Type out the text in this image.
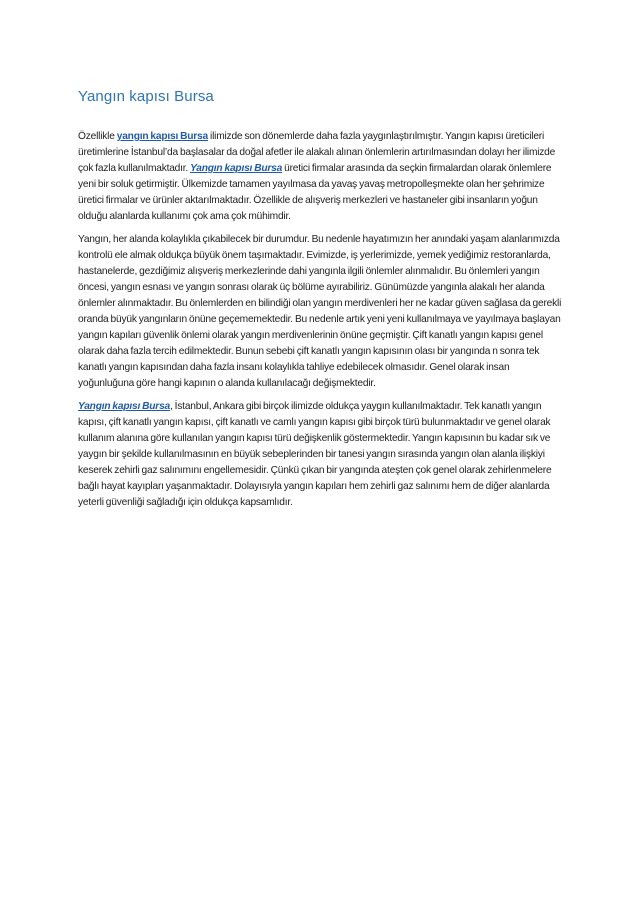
Yangın kapısı Bursa

Özellikle yangın kapısı Bursa ilimizde son dönemlerde daha fazla yaygınlaştırılmıştır. Yangın kapısı üreticileri üretimlerine İstanbul’da başlasalar da doğal afetler ile alakalı alınan önlemlerin artırılmasından dolayı her ilimizde çok fazla kullanılmaktadır. Yangın kapısı Bursa üretici firmalar arasında da seçkin firmalardan olarak önlemlere yeni bir soluk getirmiştir. Ülkemizde tamamen yayılmasa da yavaş yavaş metropolleşmekte olan her şehrimize üretici firmalar ve ürünler aktarılmaktadır. Özellikle de alışveriş merkezleri ve hastaneler gibi insanların yoğun olduğu alanlarda kullanımı çok ama çok mühimdir.

Yangın, her alanda kolaylıkla çıkabilecek bir durumdur. Bu nedenle hayatımızın her anındaki yaşam alanlarımızda kontrolü ele almak oldukça büyük önem taşımaktadır. Evimizde, iş yerlerimizde, yemek yediğimiz restoranlarda, hastanelerde, gezdiğimiz alışveriş merkezlerinde dahi yangınla ilgili önlemler alınmalıdır. Bu önlemleri yangın öncesi, yangın esnası ve yangın sonrası olarak üç bölüme ayırabiliriz. Günümüzde yangınla alakalı her alanda önlemler alınmaktadır. Bu önlemlerden en bilindiği olan yangın merdivenleri her ne kadar güven sağlasa da gerekli oranda büyük yangınların önüne geçememektedir. Bu nedenle artık yeni yeni kullanılmaya ve yayılmaya başlayan yangın kapıları güvenlik önlemi olarak yangın merdivenlerinin önüne geçmiştir. Çift kanatlı yangın kapısı genel olarak daha fazla tercih edilmektedir. Bunun sebebi çift kanatlı yangın kapısının olası bir yangında n sonra tek kanatlı yangın kapısından daha fazla insanı kolaylıkla tahliye edebilecek olmasıdır. Genel olarak insan yoğunluğuna göre hangi kapının o alanda kullanılacağı değişmektedir.

Yangın kapısı Bursa, İstanbul, Ankara gibi birçok ilimizde oldukça yaygın kullanılmaktadır. Tek kanatlı yangın kapısı, çift kanatlı yangın kapısı, çift kanatlı ve camlı yangın kapısı gibi birçok türü bulunmaktadır ve genel olarak kullanım alanına göre kullanılan yangın kapısı türü değişkenlik göstermektedir. Yangın kapısının bu kadar sık ve yaygın bir şekilde kullanılmasının en büyük sebeplerinden bir tanesi yangın sırasında yangın olan alanla ilişkiyi keserek zehirli gaz salınımını engellemesidir. Çünkü çıkan bir yangında ateşten çok genel olarak zehirlenmelere bağlı hayat kayıpları yaşanmaktadır. Dolayısıyla yangın kapıları hem zehirli gaz salınımı hem de diğer alanlarda yeterli güvenliği sağladığı için oldukça kapsamlıdır.
